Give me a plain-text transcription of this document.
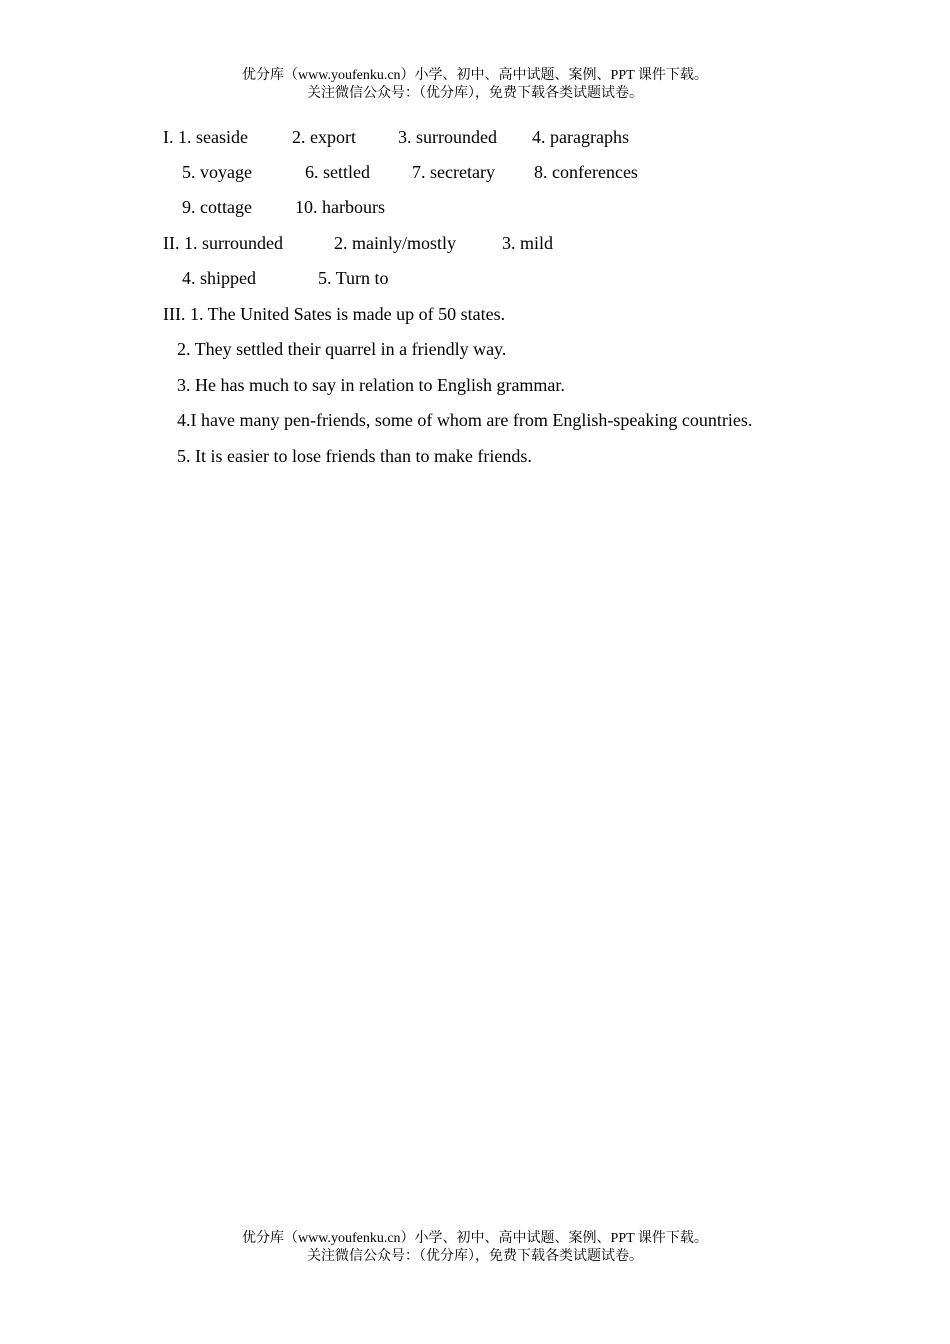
优分库（www.youfenku.cn）小学、初中、高中试题、案例、PPT 课件下载。
关注微信公众号：（优分库），免费下载各类试题试卷。
I. 1. seaside 2. export 3. surrounded 4. paragraphs
5. voyage	6. settled 7. secretary 8. conferences
9. cottage 10. harbours
II. 1. surrounded	2. mainly/mostly	3. mild
4. shipped	5. Turn to
III. 1. The United Sates is made up of 50 states.
2. They settled their quarrel in a friendly way.
3. He has much to say in relation to English grammar.
4.I have many pen-friends, some of whom are from English-speaking countries.
5. It is easier to lose friends than to make friends.
优分库（www.youfenku.cn）小学、初中、高中试题、案例、PPT 课件下载。
关注微信公众号：（优分库），免费下载各类试题试卷。
